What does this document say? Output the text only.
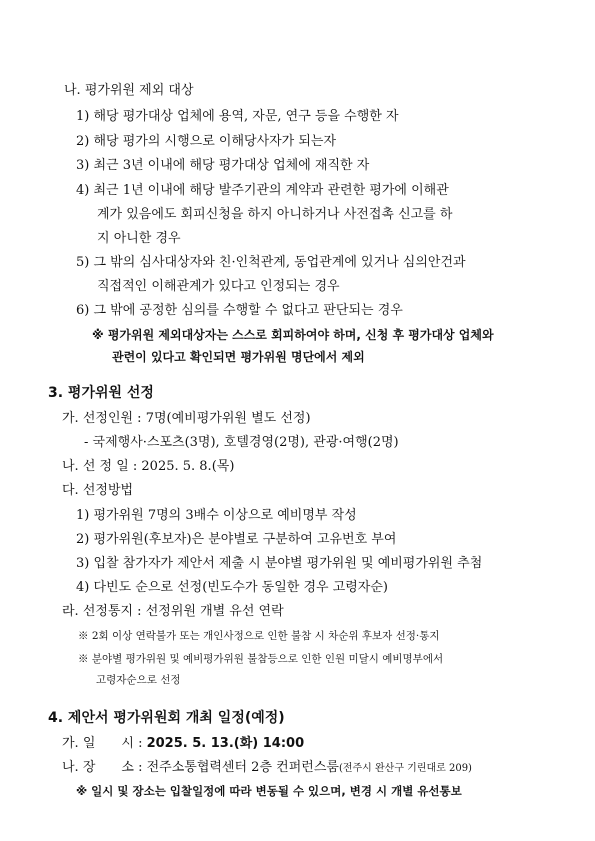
나. 평가위원 제외 대상
1) 해당 평가대상 업체에 용역, 자문, 연구 등을 수행한 자
2) 해당 평가의 시행으로 이해당사자가 되는자
3) 최근 3년 이내에 해당 평가대상 업체에 재직한 자
4) 최근 1년 이내에 해당 발주기관의 계약과 관련한 평가에 이해관
계가 있음에도 회피신청을 하지 아니하거나 사전접촉 신고를 하
지 아니한 경우
5) 그 밖의 심사대상자와 친·인척관계, 동업관계에 있거나 심의안건과
직접적인 이해관계가 있다고 인정되는 경우
6) 그 밖에 공정한 심의를 수행할 수 없다고 판단되는 경우
※ 평가위원 제외대상자는 스스로 회피하여야 하며, 신청 후 평가대상 업체와
관련이 있다고 확인되면 평가위원 명단에서 제외
3. 평가위원 선정
가. 선정인원 : 7명(예비평가위원 별도 선정)
- 국제행사·스포츠(3명), 호텔경영(2명), 관광·여행(2명)
나. 선 정 일 : 2025. 5. 8.(목)
다. 선정방법
1) 평가위원 7명의 3배수 이상으로 예비명부 작성
2) 평가위원(후보자)은 분야별로 구분하여 고유번호 부여
3) 입찰 참가자가 제안서 제출 시 분야별 평가위원 및 예비평가위원 추첨
4) 다빈도 순으로 선정(빈도수가 동일한 경우 고령자순)
라. 선정통지 : 선정위원 개별 유선 연락
※ 2회 이상 연락불가 또는 개인사정으로 인한 불참 시 차순위 후보자 선정·통지
※ 분야별 평가위원 및 예비평가위원 불참등으로 인한 인원 미달시 예비명부에서
고령자순으로 선정
4. 제안서 평가위원회 개최 일정(예정)
가. 일　　시 : 2025. 5. 13.(화) 14:00
나. 장　　소 : 전주소통협력센터 2층 컨퍼런스룸(전주시 완산구 기린대로 209)
※ 일시 및 장소는 입찰일정에 따라 변동될 수 있으며, 변경 시 개별 유선통보
